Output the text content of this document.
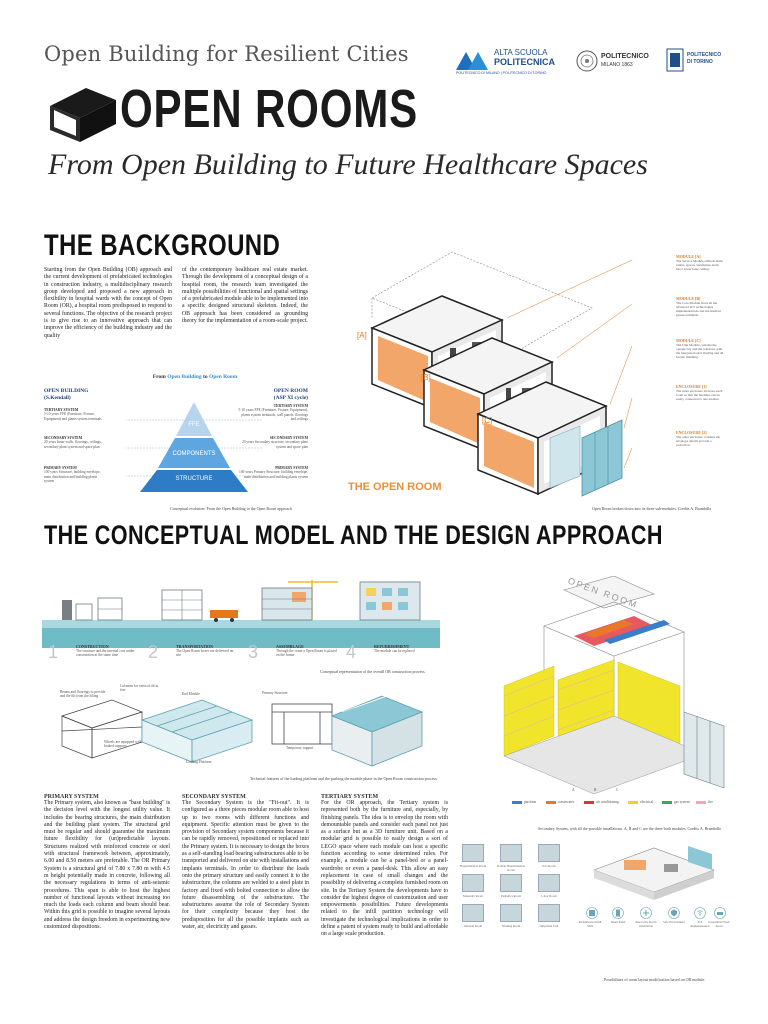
Open Building for Resilient Cities
OPEN ROOMS
From Open Building to Future Healthcare Spaces
ALTA SCUOLA
POLITECNICA
POLITECNICO DI MILANO | POLITECNICO DI TORINO
POLITECNICO
MILANO 1863
POLITECNICO
DI TORINO
THE BACKGROUND
Starting from the Open Building (OB) approach and the current development of prefabricated technologies in construction industry, a multidisciplinary research group developed and proposed a new approach in flexibility in hospital wards with the concept of Open Room (OR), a hospital room predisposed to respond to several functions. The objective of the research project is to give rise to an innovative approach that can improve the efficiency of the building industry and the quality
of the contemporary healthcare real estate market. Through the development of a conceptual design of a hospital room, the research team investigated the multiple possibilities of functional and spatial settings of a prefabricated module able to be implemented into a specific designed structural skeleton. Indeed, the OB approach has been considered as grounding theory for the implementation of a room-scale project.
From Open Building to Open Room
OPEN BUILDING
(S.Kendall)
OPEN ROOM
(ASP XI cycle)
TERTIARY SYSTEM
5-10 years FFE (Furniture, Fixture, Equipment) and plants system terminals
SECONDARY SYSTEM
20 years Inner walls, floorings, ceilings, secondary plant system and space plan
PRIMARY SYSTEM
100 years Structure, building envelope, main distribution and building plants system
TERTIARY SYSTEM
5-10 years FFE (Furniture, Fixture, Equipment), plants system terminals, wall panels, floorings and ceilings
SECONDARY SYSTEM
20 years Secondary structure, secondary plant system and space plan
PRIMARY SYSTEM
100 years Primary Structure, building envelope, main distribution and building plants system
FFE
COMPONENTS
STRUCTURE
Conceptual evolution: From the Open Building to the Open Room approach
[A]
[B]
[C]
THE OPEN ROOM
MODULE [A]
The Service Module embeds main toilets, spaces, luminaires and it has a lower false ceiling.
MODULE [B]
The Core Module hosts all the advanced ICT technologies implementations and the medical gasses terminals.
MODULE [C]
The Unit Module contains the opaque bay and the windows with the integrated solar shading and all facade finishing.
ENCLOSURE [1]
The inner enclosure encloses each room so that the modules can be easily connected to one another.
ENCLOSURE [2]
The outer enclosure contains the envelope details provide a protection.
Open Room broken down into its three sub-modules. Credits A. Brambilla
THE CONCEPTUAL MODEL AND THE DESIGN APPROACH
1	CONSTRUCTION
The structure and the internal core under construction at the same time	2	TRANSPORTATION
The Open Room boxes are delivered on site	3	ASSEMBLAGE
Through the crane a Open Room is placed on the frame	4	REFURBISHMENT
The module can be replaced
Conceptual representation of the overall OR construction process.
Beams and floorings to provide and the tilt from the lifting
Columns for vertical tilt in feet
Wheels are equipped with braked supports
End Module
Loading Platform
Primary Structure
Temporary support
Technical features of the loading platform and the pushing the module phase in the Open Room construction process.
OPEN ROOM
A	B	C
partition	wastewater	air conditioning	electrical	gas system	fire
Secondary System, with all the possible installations. A, B and C are the three built modules. Credits A. Brambilla
PRIMARY SYSTEM
The Primary system, also known as "base building" is the decision level with the longest utility value. It includes the bearing structures, the main distribution and the building plant system. The structural grid must be regular and should guarantee the maximum future flexibility for (un)predictable layouts. Structures realized with reinforced concrete or steel with structural framework between, approximately, 6.00 and 8.50 meters are preferable. The OR Primary System is a structural grid of 7.80 x 7.80 m with 4.5 m height potentially made in concrete, following all the necessary regulations in terms of anti-seismic procedures. This span is able to host the highest number of functional layouts without increasing too much the loads each column and beam should bear. Within this grid is possible to imagine several layouts and address the design freedom in experimenting new customized dispositions.
SECONDARY SYSTEM
The Secondary System is the "Fit-out". It is configured as a three pieces modular room able to host up to two rooms with different functions and equipment. Specific attention must be given to the provision of Secondary system components because it can be rapidly removed, repositioned or replaced into the Primary system. It is necessary to design the boxes as a self-standing load bearing substructures able to be transported and delivered on site with installations and implants terminals. In order to distribute the loads onto the primary structure and easily connect it to the substructure, the columns are welded to a steel plate in factory and fixed with bolted connection to allow the future disassembling of the substructure. The substructures assume the role of Secondary System for their complexity because they host the predisposition for all the possible implants such as water, air, electricity and gasses.
TERTIARY SYSTEM
For the OR approach, the Tertiary system is represented both by the furniture and, especially, by finishing panels. The idea is to envelop the room with demountable panels and consider each panel not just as a surface but as a 3D furniture unit. Based on a modular grid is possible to easily design a sort of LEGO space where each module can host a specific function according to some determined rules. For example, a module can be a panel-bed or a panel-wardrobe or even a panel-desk. This allow an easy replacement in case of small changes and the possibility of delivering a complete furnished room on site. In the Tertiary System the developments have to consider the highest degree of customization and user empowerments possibilities. Future developments related to the infill partition technology will investigate the technological implications in order to define a patent of system ready to build and affordable on a large scale production.
Hospitalization Room	Double Hospitalization Room
ICU Room
Maternity Room	Pediatrics Room	Labor Room
Infusion Room	Washing Room	Outpatient Unit
Prefabricated Infill Wall
Smart Panel	Innovative Room Orientation
Safe Environment	ICT Implementation
Customized Work Areas
Possibilities of room layout modification based on OR module.
